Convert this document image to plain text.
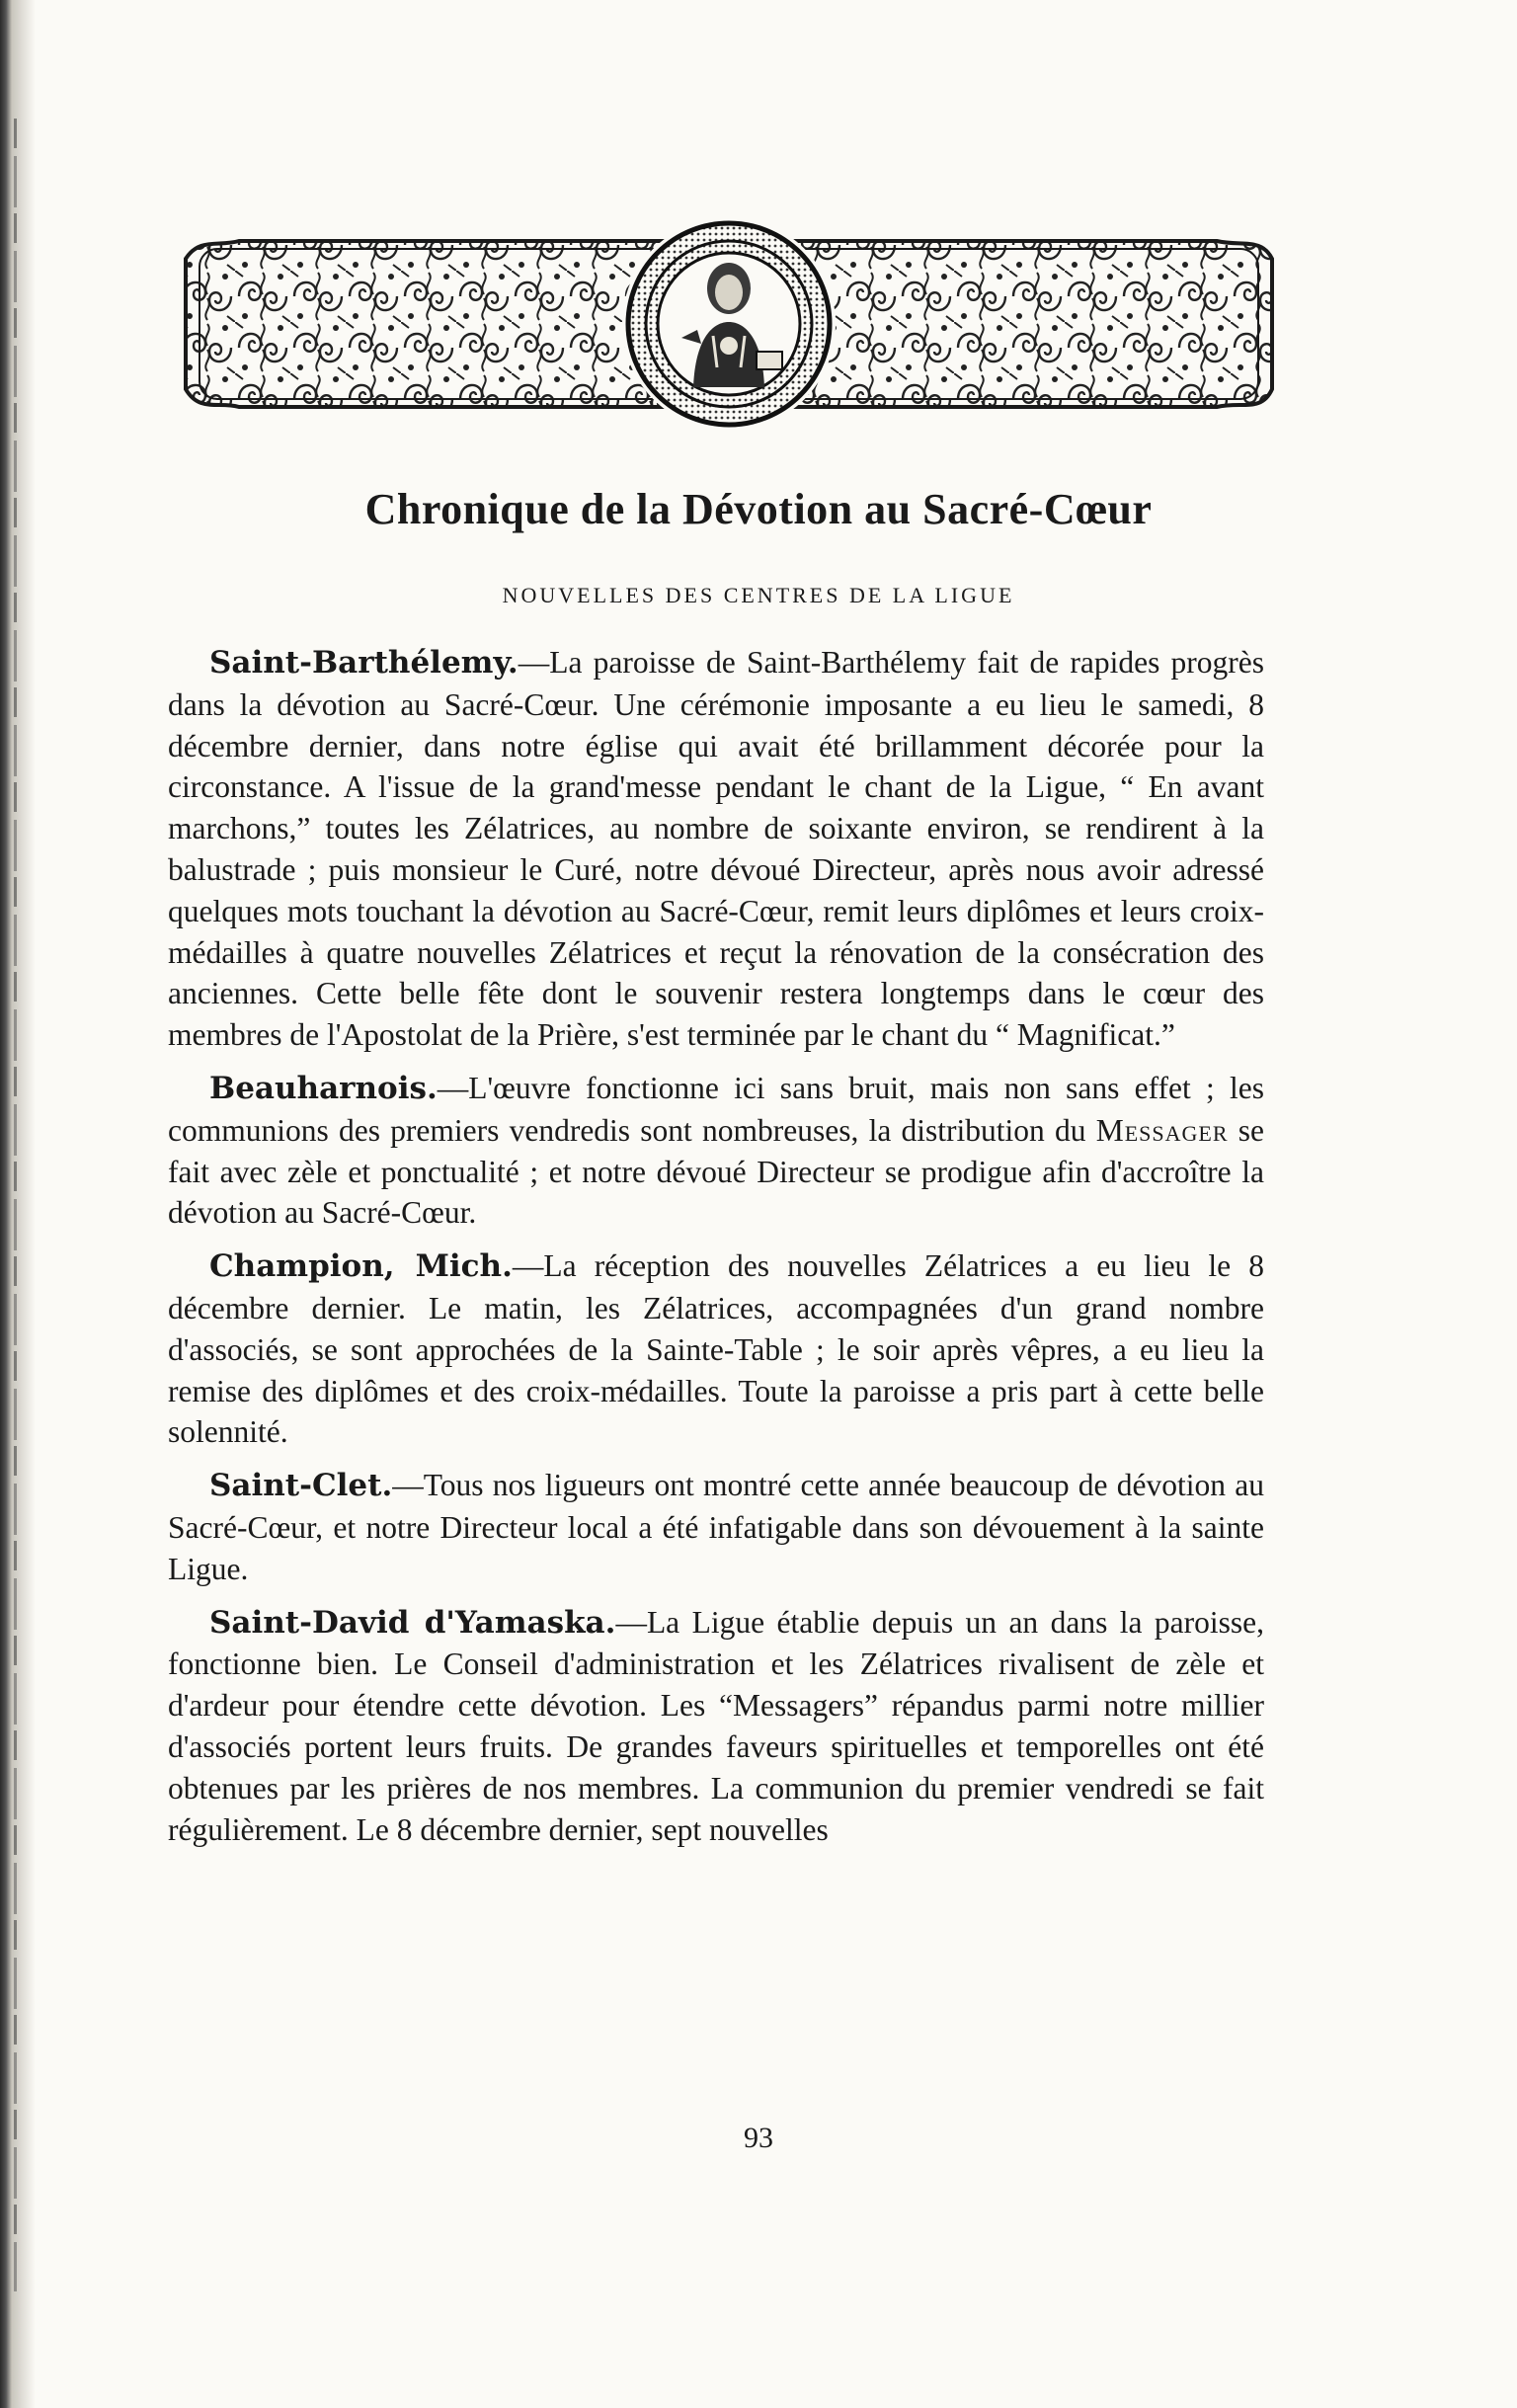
Chronique de la Dévotion au Sacré-Cœur
NOUVELLES DES CENTRES DE LA LIGUE

Saint-Barthélemy.—La paroisse de Saint-Barthélemy fait de rapides progrès dans la dévotion au Sacré-Cœur. Une cérémonie imposante a eu lieu le samedi, 8 décembre dernier, dans notre église qui avait été brillamment décorée pour la circonstance. A l'issue de la grand'messe pendant le chant de la Ligue, “ En avant marchons,” toutes les Zélatrices, au nombre de soixante environ, se rendirent à la balustrade ; puis monsieur le Curé, notre dévoué Directeur, après nous avoir adressé quelques mots touchant la dévotion au Sacré-Cœur, remit leurs diplômes et leurs croix-médailles à quatre nouvelles Zélatrices et reçut la rénovation de la consécration des anciennes. Cette belle fête dont le souvenir restera longtemps dans le cœur des membres de l'Apostolat de la Prière, s'est terminée par le chant du “ Magnificat.”

Beauharnois.—L'œuvre fonctionne ici sans bruit, mais non sans effet ; les communions des premiers vendredis sont nombreuses, la distribution du Messager se fait avec zèle et ponctualité ; et notre dévoué Directeur se prodigue afin d'accroître la dévotion au Sacré-Cœur.

Champion, Mich.—La réception des nouvelles Zélatrices a eu lieu le 8 décembre dernier. Le matin, les Zélatrices, accompagnées d'un grand nombre d'associés, se sont approchées de la Sainte-Table ; le soir après vêpres, a eu lieu la remise des diplômes et des croix-médailles. Toute la paroisse a pris part à cette belle solennité.

Saint-Clet.—Tous nos ligueurs ont montré cette année beaucoup de dévotion au Sacré-Cœur, et notre Directeur local a été infatigable dans son dévouement à la sainte Ligue.

Saint-David d'Yamaska.—La Ligue établie depuis un an dans la paroisse, fonctionne bien. Le Conseil d'administration et les Zélatrices rivalisent de zèle et d'ardeur pour étendre cette dévotion. Les “Messagers” répandus parmi notre millier d'associés portent leurs fruits. De grandes faveurs spirituelles et temporelles ont été obtenues par les prières de nos membres. La communion du premier vendredi se fait régulièrement. Le 8 décembre dernier, sept nouvelles

93
